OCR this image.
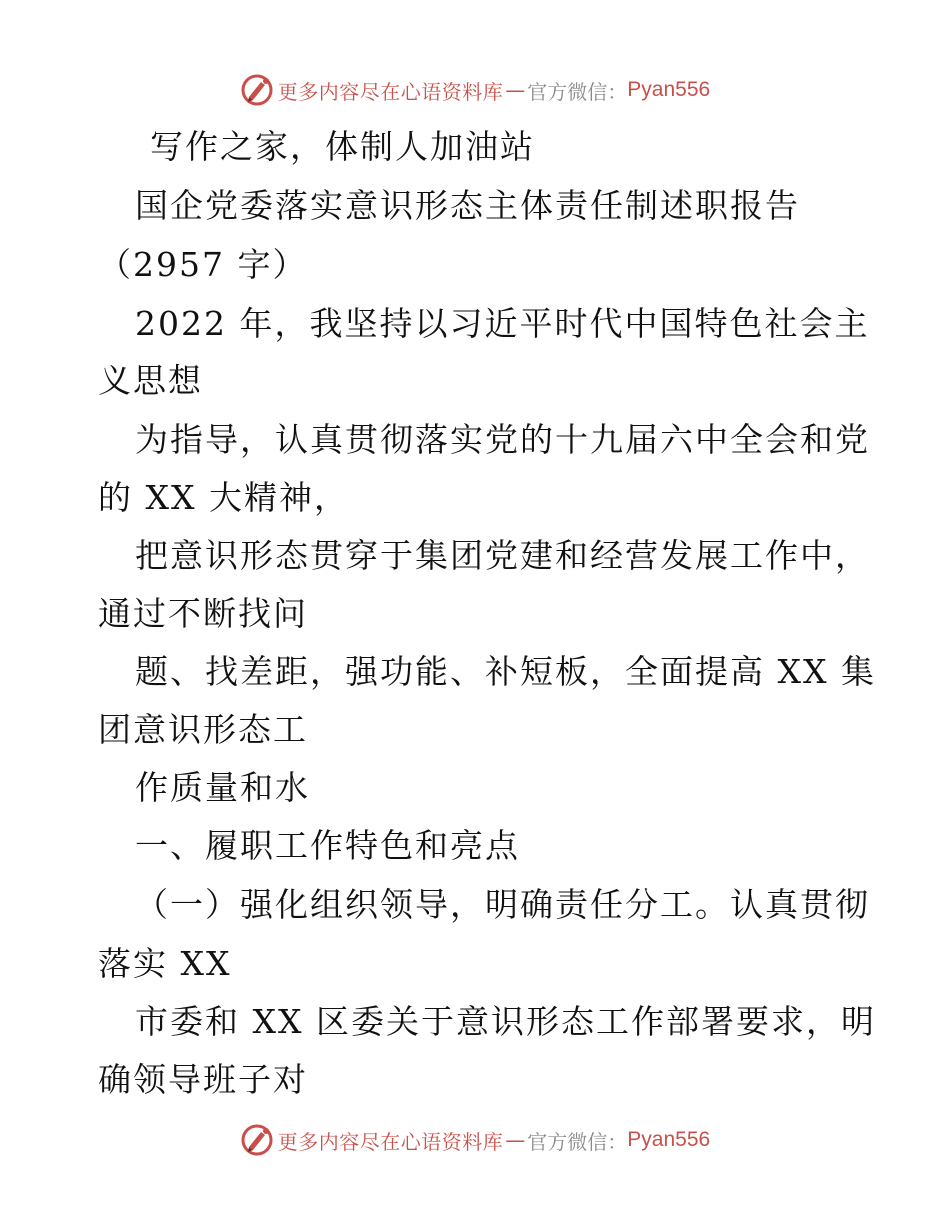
更多内容尽在心语资料库 — 官方微信： Pyan556
写作之家，体制人加油站
国企党委落实意识形态主体责任制述职报告
（2957 字）
2022 年，我坚持以习近平时代中国特色社会主
义思想
为指导，认真贯彻落实党的十九届六中全会和党
的 XX 大精神，
把意识形态贯穿于集团党建和经营发展工作中，
通过不断找问
题、找差距，强功能、补短板，全面提高 XX 集
团意识形态工
作质量和水
一、履职工作特色和亮点
（一）强化组织领导，明确责任分工。认真贯彻
落实 XX
市委和 XX 区委关于意识形态工作部署要求，明
确领导班子对
更多内容尽在心语资料库 — 官方微信： Pyan556
